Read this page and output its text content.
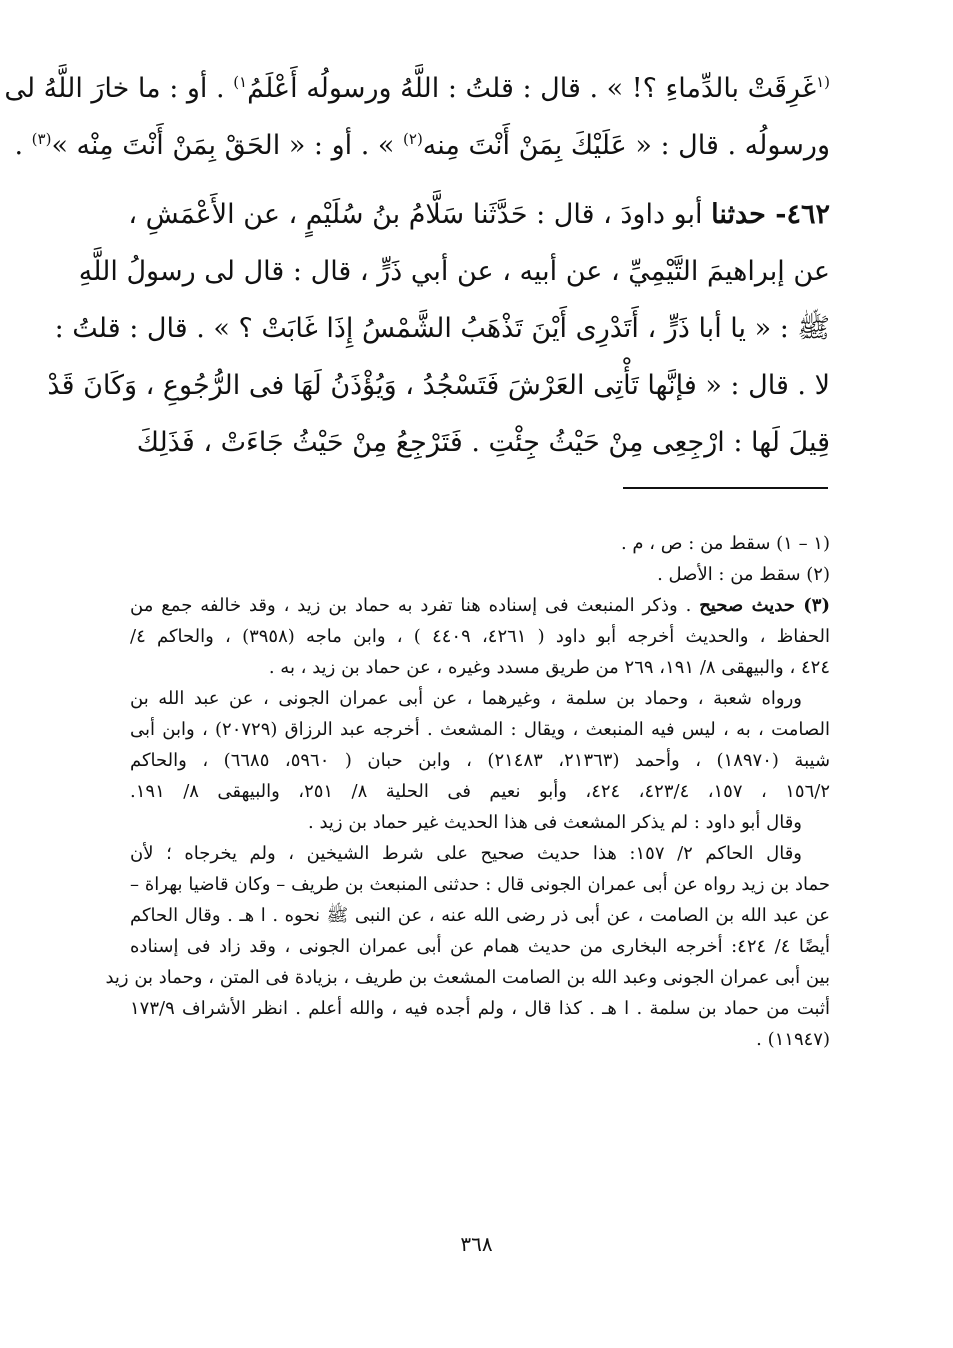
$^{(١}$غَرِقَتْ بالدِّماءِ ؟! » . قال : قلتُ : اللَّهُ ورسولُه أَعْلَمُ$^{١)}$ . أو : ما خارَ اللَّهُ لى
ورسولُه . قال : « عَلَيْكَ بِمَنْ أَنْتَ مِنه$^{(٢)}$ » . أو : « الحَقْ بِمَنْ أَنْتَ مِنْه »$^{(٣)}$ .
٤٦٢- حدثنا أبو داودَ ، قال : حَدَّثَنا سَلَّامُ بنُ سُلَيْمٍ ، عن الأَعْمَشِ ،
عن إبراهيمَ التَّيْمِيِّ ، عن أبيه ، عن أبي ذَرٍّ ، قال : قال لى رسولُ اللَّهِ
ﷺ : « يا أبا ذَرٍّ ، أَتَدْرِى أَيْنَ تَذْهَبُ الشَّمْسُ إِذَا غَابَتْ ؟ » . قال : قلتُ :
لا . قال : « فإنَّها تَأْتِى العَرْشَ فَتَسْجُدُ ، وَيُؤْذَنُ لَهَا فى الرُّجُوعِ ، وَكَانَ قَدْ
قِيلَ لَها : ارْجِعِى مِنْ حَيْثُ جِئْتِ . فَتَرْجِعُ مِنْ حَيْثُ جَاءَتْ ، فَذَلِكَ
(١ – ١) سقط من : ص ، م .
(٢) سقط من : الأصل .
(٣) حديث صحيح . وذكر المنبعث فى إسناده هنا تفرد به حماد بن زيد ، وقد خالفه جمع من
الحفاظ ، والحديث أخرجه أبو داود ( ٤٢٦١، ٤٤٠٩ ) ، وابن ماجه (٣٩٥٨) ، والحاكم ٤/
٤٢٤ ، والبيهقى ٨/ ١٩١، ٢٦٩ من طريق مسدد وغيره ، عن حماد بن زيد ، به .
ورواه شعبة ، وحماد بن سلمة ، وغيرهما ، عن أبى عمران الجونى ، عن عبد الله بن
الصامت ، به ، ليس فيه المنبعث ، ويقال : المشعث . أخرجه عبد الرزاق (٢٠٧٢٩) ، وابن أبى
شيبة (١٨٩٧٠) ، وأحمد (٢١٣٦٣، ٢١٤٨٣) ، وابن حبان ( ٥٩٦٠، ٦٦٨٥) ، والحاكم
١٥٦/٢ ، ١٥٧، ٤٢٣/٤، ٤٢٤، وأبو نعيم فى الحلية ٨/ ٢٥١، والبيهقى ٨/ ١٩١.
وقال أبو داود : لم يذكر المشعث فى هذا الحديث غير حماد بن زيد .
وقال الحاكم ٢/ ١٥٧: هذا حديث صحيح على شرط الشيخين ، ولم يخرجاه ؛ لأن
حماد بن زيد رواه عن أبى عمران الجونى قال : حدثنى المنبعث بن طريف – وكان قاضيا بهراة –
عن عبد الله بن الصامت ، عن أبى ذر رضى الله عنه ، عن النبى ﷺ نحوه . ا هـ . وقال الحاكم
أيضًا ٤/ ٤٢٤: أخرجه البخارى من حديث همام عن أبى عمران الجونى ، وقد زاد فى إسناده
بين أبى عمران الجونى وعبد الله بن الصامت المشعث بن طريف ، بزيادة فى المتن ، وحماد بن زيد
أثبت من حماد بن سلمة . ا هـ . كذا قال ، ولم أجده فيه ، والله أعلم . انظر الأشراف ١٧٣/٩
(١١٩٤٧) .
٣٦٨
